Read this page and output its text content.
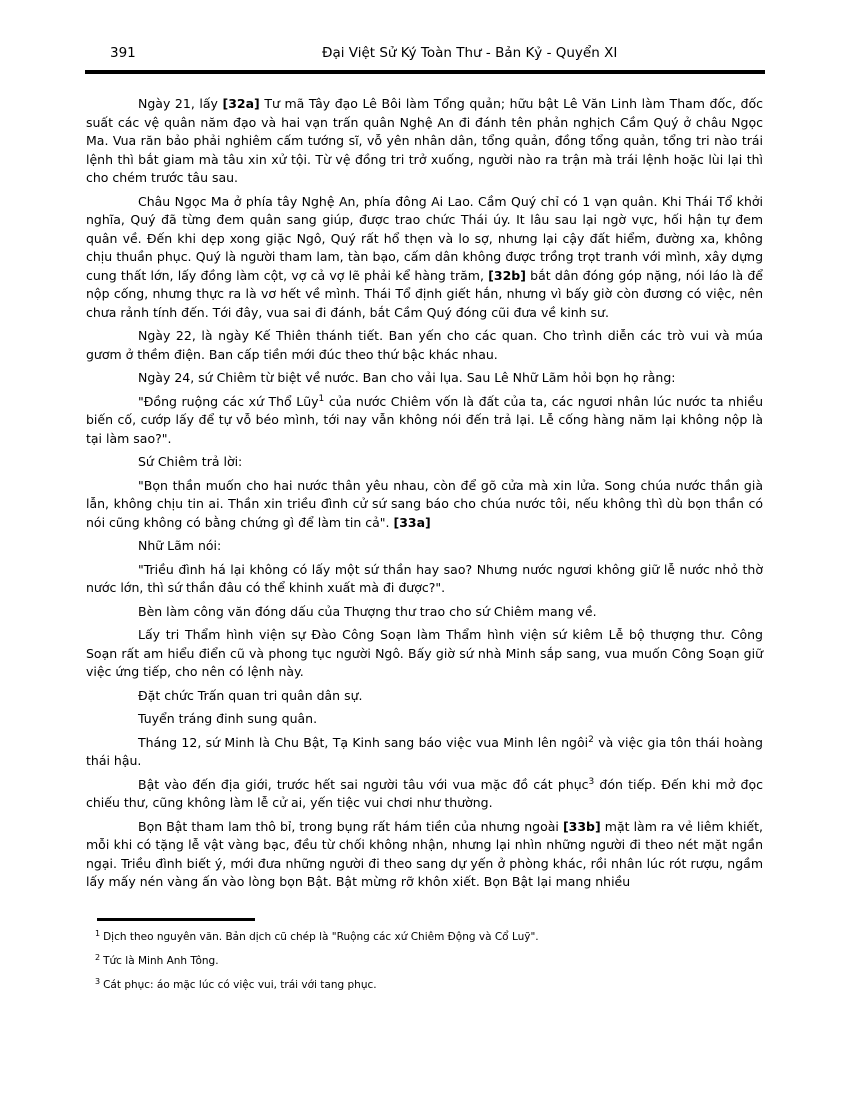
391	Đại Việt Sử Ký Toàn Thư - Bản Kỷ - Quyển XI

Ngày 21, lấy [32a] Tư mã Tây đạo Lê Bôi làm Tổng quản; hữu bật Lê Văn Linh làm Tham đốc, đốc suất các vệ quân năm đạo và hai vạn trấn quân Nghệ An đi đánh tên phản nghịch Cầm Quý ở châu Ngọc Ma. Vua răn bảo phải nghiêm cấm tướng sĩ, vỗ yên nhân dân, tổng quản, đồng tổng quản, tổng tri nào trái lệnh thì bắt giam mà tâu xin xử tội. Từ vệ đồng tri trở xuống, người nào ra trận mà trái lệnh hoặc lùi lại thì cho chém trước tâu sau.

Châu Ngọc Ma ở phía tây Nghệ An, phía đông Ai Lao. Cầm Quý chỉ có 1 vạn quân. Khi Thái Tổ khởi nghĩa, Quý đã từng đem quân sang giúp, được trao chức Thái úy. It lâu sau lại ngờ vực, hối hận tự đem quân về. Đến khi dẹp xong giặc Ngô, Quý rất hổ thẹn và lo sợ, nhưng lại cậy đất hiểm, đường xa, không chịu thuần phục. Quý là người tham lam, tàn bạo, cấm dân không được trồng trọt tranh với mình, xây dựng cung thất lớn, lấy đồng làm cột, vợ cả vợ lẽ phải kể hàng trăm, [32b] bắt dân đóng góp nặng, nói láo là để nộp cống, nhưng thực ra là vơ hết về mình. Thái Tổ định giết hắn, nhưng vì bấy giờ còn đương có việc, nên chưa rảnh tính đến. Tới đây, vua sai đi đánh, bắt Cầm Quý đóng cũi đưa về kinh sư.

Ngày 22, là ngày Kế Thiên thánh tiết. Ban yến cho các quan. Cho trình diễn các trò vui và múa gươm ở thềm điện. Ban cấp tiền mới đúc theo thứ bậc khác nhau.

Ngày 24, sứ Chiêm từ biệt về nước. Ban cho vải lụa. Sau Lê Nhữ Lãm hỏi bọn họ rằng:

"Đồng ruộng các xứ Thổ Lũy$^1$ của nước Chiêm vốn là đất của ta, các ngươi nhân lúc nước ta nhiều biến cố, cướp lấy để tự vỗ béo mình, tới nay vẫn không nói đến trả lại. Lễ cống hàng năm lại không nộp là tại làm sao?".

Sứ Chiêm trả lời:

"Bọn thần muốn cho hai nước thân yêu nhau, còn để gõ cửa mà xin lửa. Song chúa nước thần già lẫn, không chịu tin ai. Thần xin triều đình cử sứ sang báo cho chúa nước tôi, nếu không thì dù bọn thần có nói cũng không có bằng chứng gì để làm tin cả". [33a]

Nhữ Lãm nói:

"Triều đình há lại không có lấy một sứ thần hay sao? Nhưng nước ngươi không giữ lễ nước nhỏ thờ nước lớn, thì sứ thần đâu có thể khinh xuất mà đi được?".

Bèn làm công văn đóng dấu của Thượng thư trao cho sứ Chiêm mang về.

Lấy tri Thẩm hình viện sự Đào Công Soạn làm Thẩm hình viện sứ kiêm Lễ bộ thượng thư. Công Soạn rất am hiểu điển cũ và phong tục người Ngô. Bấy giờ sứ nhà Minh sắp sang, vua muốn Công Soạn giữ việc ứng tiếp, cho nên có lệnh này.

Đặt chức Trấn quan tri quân dân sự.

Tuyển tráng đinh sung quân.

Tháng 12, sứ Minh là Chu Bật, Tạ Kinh sang báo việc vua Minh lên ngôi$^2$ và việc gia tôn thái hoàng thái hậu.

Bật vào đến địa giới, trước hết sai người tâu với vua mặc đồ cát phục$^3$ đón tiếp. Đến khi mở đọc chiếu thư, cũng không làm lễ cử ai, yến tiệc vui chơi như thường.

Bọn Bật tham lam thô bỉ, trong bụng rất hám tiền của nhưng ngoài [33b] mặt làm ra vẻ liêm khiết, mỗi khi có tặng lễ vật vàng bạc, đều từ chối không nhận, nhưng lại nhìn những người đi theo nét mặt ngần ngại. Triều đình biết ý, mới đưa những người đi theo sang dự yến ở phòng khác, rồi nhân lúc rót rượu, ngầm lấy mấy nén vàng ấn vào lòng bọn Bật. Bật mừng rỡ khôn xiết. Bọn Bật lại mang nhiều

$^1$ Dịch theo nguyên văn. Bản dịch cũ chép là "Ruộng các xứ Chiêm Động và Cổ Luỹ".
$^2$ Tức là Minh Anh Tông.
$^3$ Cát phục: áo mặc lúc có việc vui, trái với tang phục.
